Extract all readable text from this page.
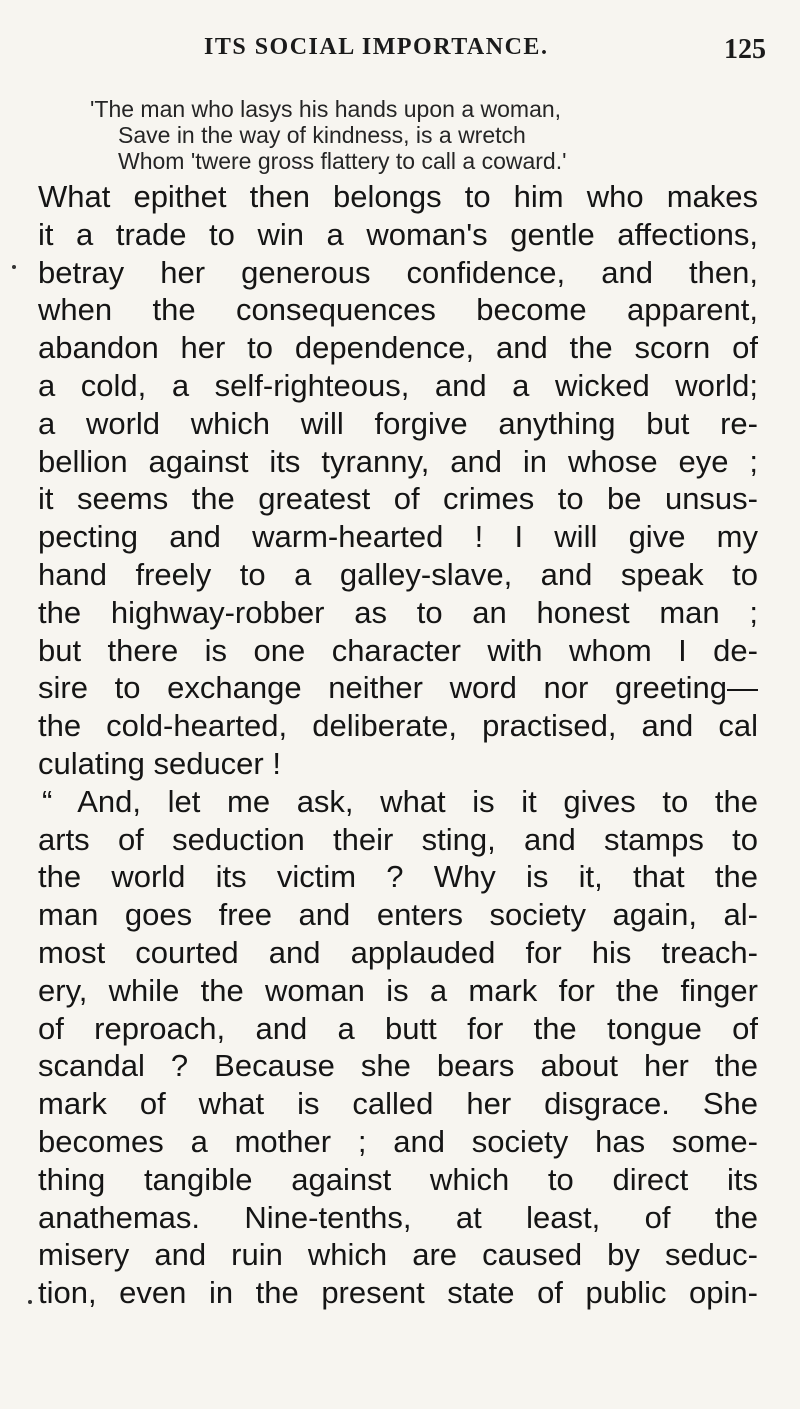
ITS SOCIAL IMPORTANCE.	125
'The man who lasys his hands upon a woman,
Save in the way of kindness, is a wretch
Whom 'twere gross flattery to call a coward.'
What epithet then belongs to him who makes
it a trade to win a woman's gentle affections,
betray her generous confidence, and then,
when the consequences become apparent,
abandon her to dependence, and the scorn of
a cold, a self-righteous, and a wicked world;
a world which will forgive anything but re-
bellion against its tyranny, and in whose eye ;
it seems the greatest of crimes to be unsus-
pecting and warm-hearted ! I will give my
hand freely to a galley-slave, and speak to
the highway-robber as to an honest man ;
but there is one character with whom I de-
sire to exchange neither word nor greeting—
the cold-hearted, deliberate, practised, and cal
culating seducer !
“ And, let me ask, what is it gives to the
arts of seduction their sting, and stamps to
the world its victim ? Why is it, that the
man goes free and enters society again, al-
most courted and applauded for his treach-
ery, while the woman is a mark for the finger
of reproach, and a butt for the tongue of
scandal ? Because she bears about her the
mark of what is called her disgrace. She
becomes a mother ; and society has some-
thing tangible against which to direct its
anathemas. Nine-tenths, at least, of the
misery and ruin which are caused by seduc-
tion, even in the present state of public opin-
